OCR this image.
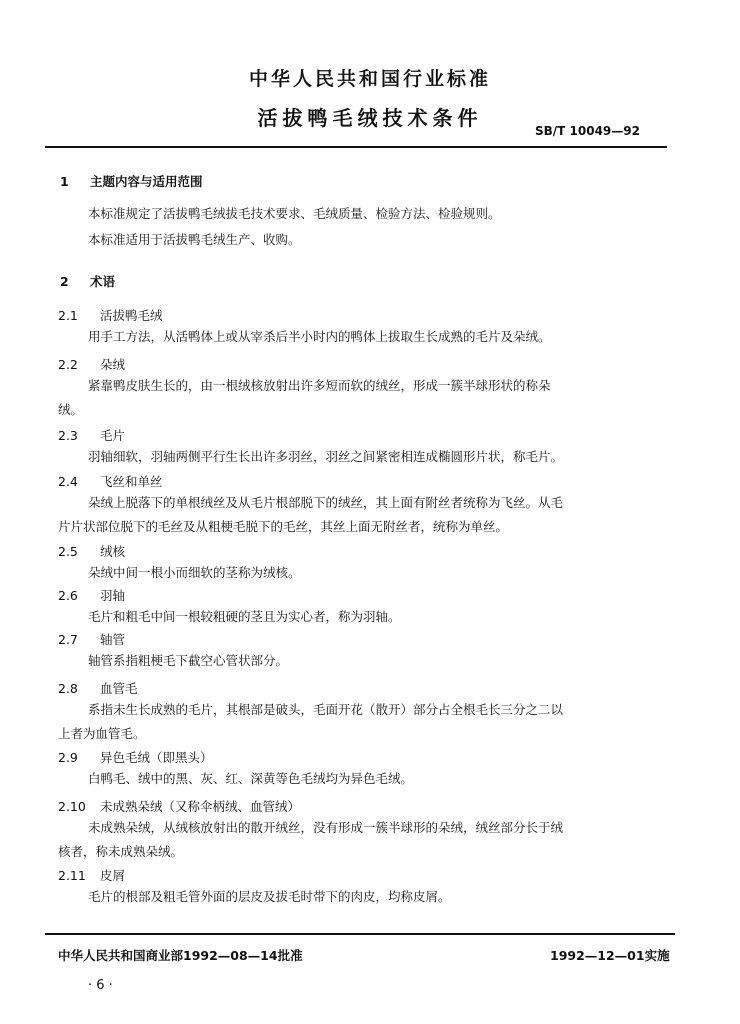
中华人民共和国行业标准
活拔鸭毛绒技术条件
SB/T 10049—92
1 主题内容与适用范围
本标准规定了活拔鸭毛绒拔毛技术要求、毛绒质量、检验方法、检验规则。
本标准适用于活拔鸭毛绒生产、收购。
2 术语
2.1 活拔鸭毛绒
用手工方法，从活鸭体上或从宰杀后半小时内的鸭体上拔取生长成熟的毛片及朵绒。
2.2 朵绒
紧靠鸭皮肤生长的，由一根绒核放射出许多短而软的绒丝，形成一簇半球形状的称朵
绒。
2.3 毛片
羽轴细软，羽轴两侧平行生长出许多羽丝，羽丝之间紧密相连成椭圆形片状，称毛片。
2.4 飞丝和单丝
朵绒上脱落下的单根绒丝及从毛片根部脱下的绒丝，其上面有附丝者统称为飞丝。从毛
片片状部位脱下的毛丝及从粗梗毛脱下的毛丝，其丝上面无附丝者，统称为单丝。
2.5 绒核
朵绒中间一根小而细软的茎称为绒核。
2.6 羽轴
毛片和粗毛中间一根较粗硬的茎且为实心者，称为羽轴。
2.7 轴管
轴管系指粗梗毛下截空心管状部分。
2.8 血管毛
系指未生长成熟的毛片，其根部是破头，毛面开花（散开）部分占全根毛长三分之二以
上者为血管毛。
2.9 异色毛绒（即黑头）
白鸭毛、绒中的黑、灰、红、深黄等色毛绒均为异色毛绒。
2.10 未成熟朵绒（又称伞柄绒、血管绒）
未成熟朵绒，从绒核放射出的散开绒丝，没有形成一簇半球形的朵绒，绒丝部分长于绒
核者，称未成熟朵绒。
2.11 皮屑
毛片的根部及粗毛管外面的层皮及拔毛时带下的肉皮，均称皮屑。
中华人民共和国商业部1992—08—14批准	1992—12—01实施
· 6 ·
